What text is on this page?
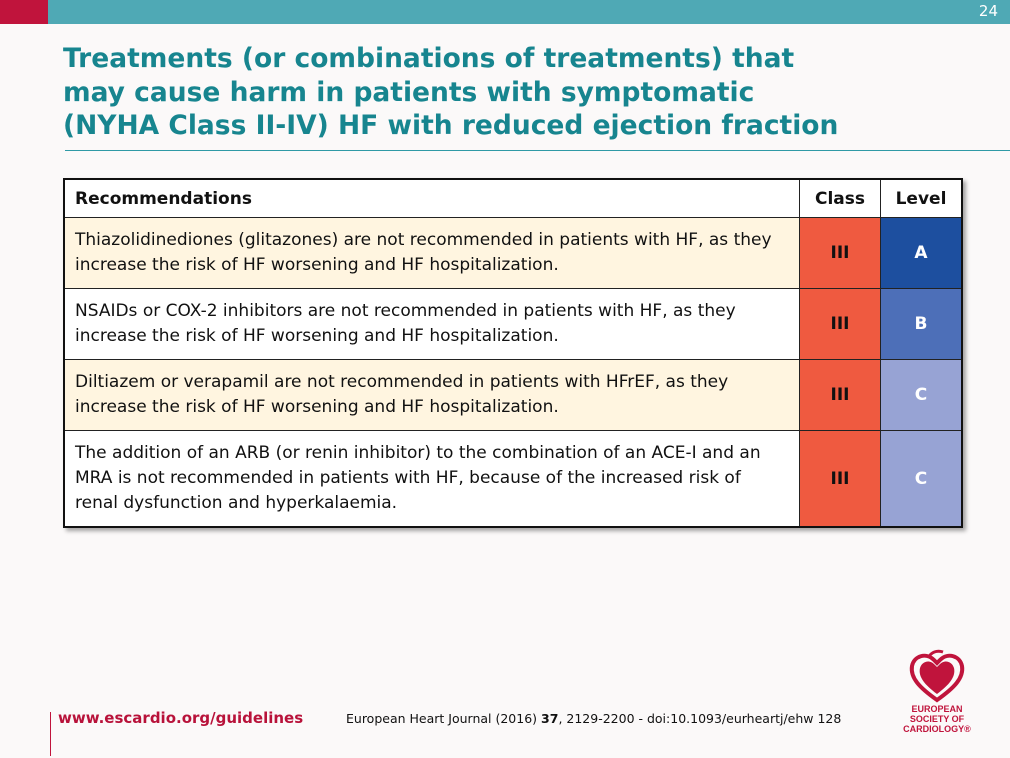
24
Treatments (or combinations of treatments) that
may cause harm in patients with symptomatic
(NYHA Class II-IV) HF with reduced ejection fraction
Recommendations	Class	Level
Thiazolidinediones (glitazones) are not recommended in patients with HF, as they increase the risk of HF worsening and HF hospitalization.	III	A
NSAIDs or COX-2 inhibitors are not recommended in patients with HF, as they increase the risk of HF worsening and HF hospitalization.	III	B
Diltiazem or verapamil are not recommended in patients with HFrEF, as they increase the risk of HF worsening and HF hospitalization.	III	C
The addition of an ARB (or renin inhibitor) to the combination of an ACE-I and an MRA is not recommended in patients with HF, because of the increased risk of renal dysfunction and hyperkalaemia.	III	C
www.escardio.org/guidelines	European Heart Journal (2016) 37, 2129-2200 - doi:10.1093/eurheartj/ehw 128
EUROPEAN
SOCIETY OF
CARDIOLOGY®
